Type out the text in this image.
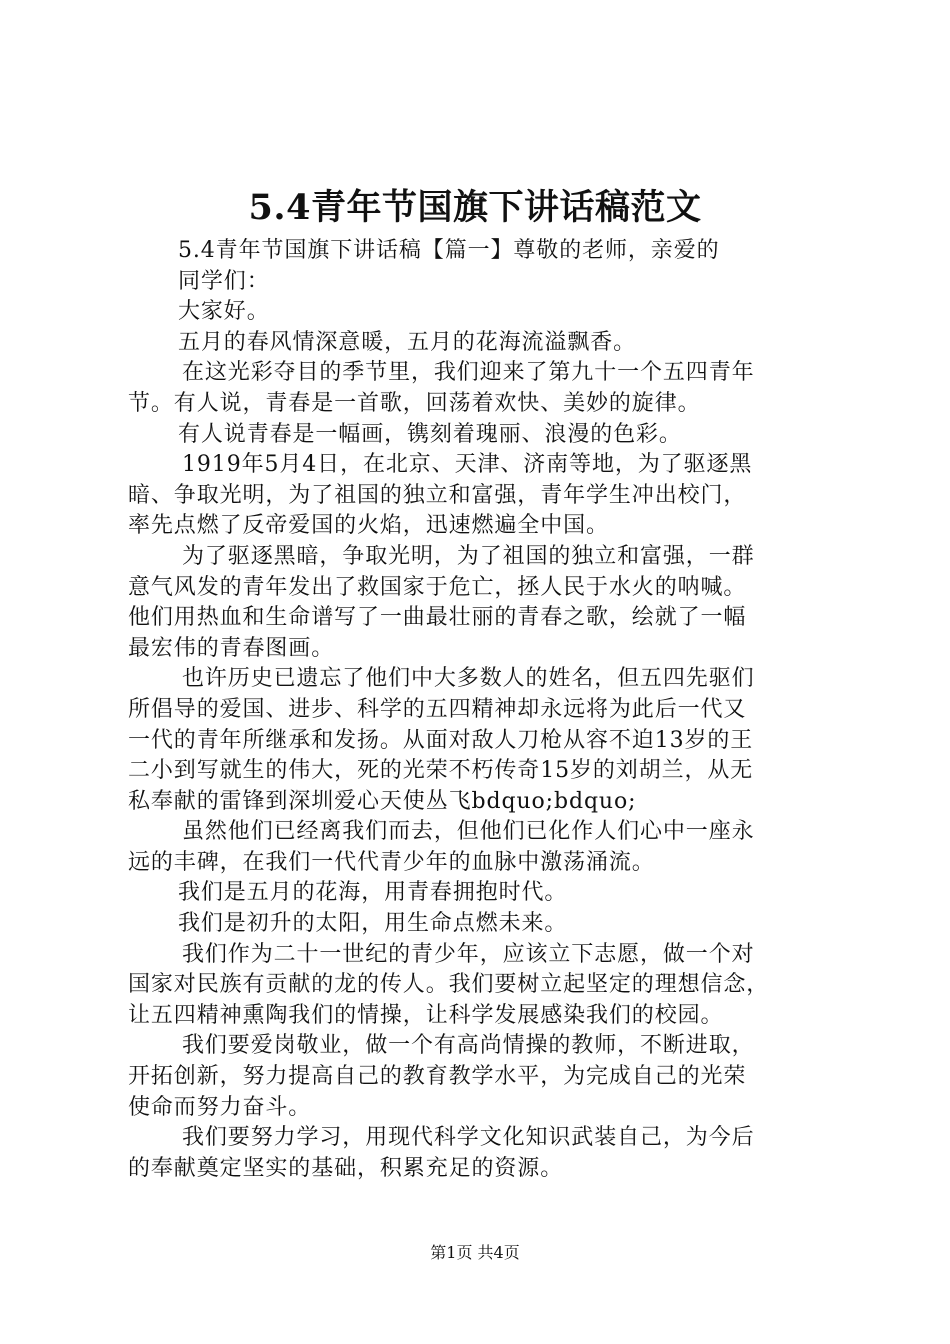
5.4青年节国旗下讲话稿范文
5.4青年节国旗下讲话稿【篇一】尊敬的老师，亲爱的
同学们：
大家好。
五月的春风情深意暖，五月的花海流溢飘香。
在这光彩夺目的季节里，我们迎来了第九十一个五四青年
节。有人说，青春是一首歌，回荡着欢快、美妙的旋律。
有人说青春是一幅画，镌刻着瑰丽、浪漫的色彩。
1919年5月4日，在北京、天津、济南等地，为了驱逐黑
暗、争取光明，为了祖国的独立和富强，青年学生冲出校门，
率先点燃了反帝爱国的火焰，迅速燃遍全中国。
为了驱逐黑暗，争取光明，为了祖国的独立和富强，一群
意气风发的青年发出了救国家于危亡，拯人民于水火的呐喊。
他们用热血和生命谱写了一曲最壮丽的青春之歌，绘就了一幅
最宏伟的青春图画。
也许历史已遗忘了他们中大多数人的姓名，但五四先驱们
所倡导的爱国、进步、科学的五四精神却永远将为此后一代又
一代的青年所继承和发扬。从面对敌人刀枪从容不迫13岁的王
二小到写就生的伟大，死的光荣不朽传奇15岁的刘胡兰，从无
私奉献的雷锋到深圳爱心天使丛飞bdquo;bdquo;
虽然他们已经离我们而去，但他们已化作人们心中一座永
远的丰碑，在我们一代代青少年的血脉中激荡涌流。
我们是五月的花海，用青春拥抱时代。
我们是初升的太阳，用生命点燃未来。
我们作为二十一世纪的青少年，应该立下志愿，做一个对
国家对民族有贡献的龙的传人。我们要树立起坚定的理想信念，
让五四精神熏陶我们的情操，让科学发展感染我们的校园。
我们要爱岗敬业，做一个有高尚情操的教师，不断进取，
开拓创新，努力提高自己的教育教学水平，为完成自己的光荣
使命而努力奋斗。
我们要努力学习，用现代科学文化知识武装自己，为今后
的奉献奠定坚实的基础，积累充足的资源。
第1页 共4页
